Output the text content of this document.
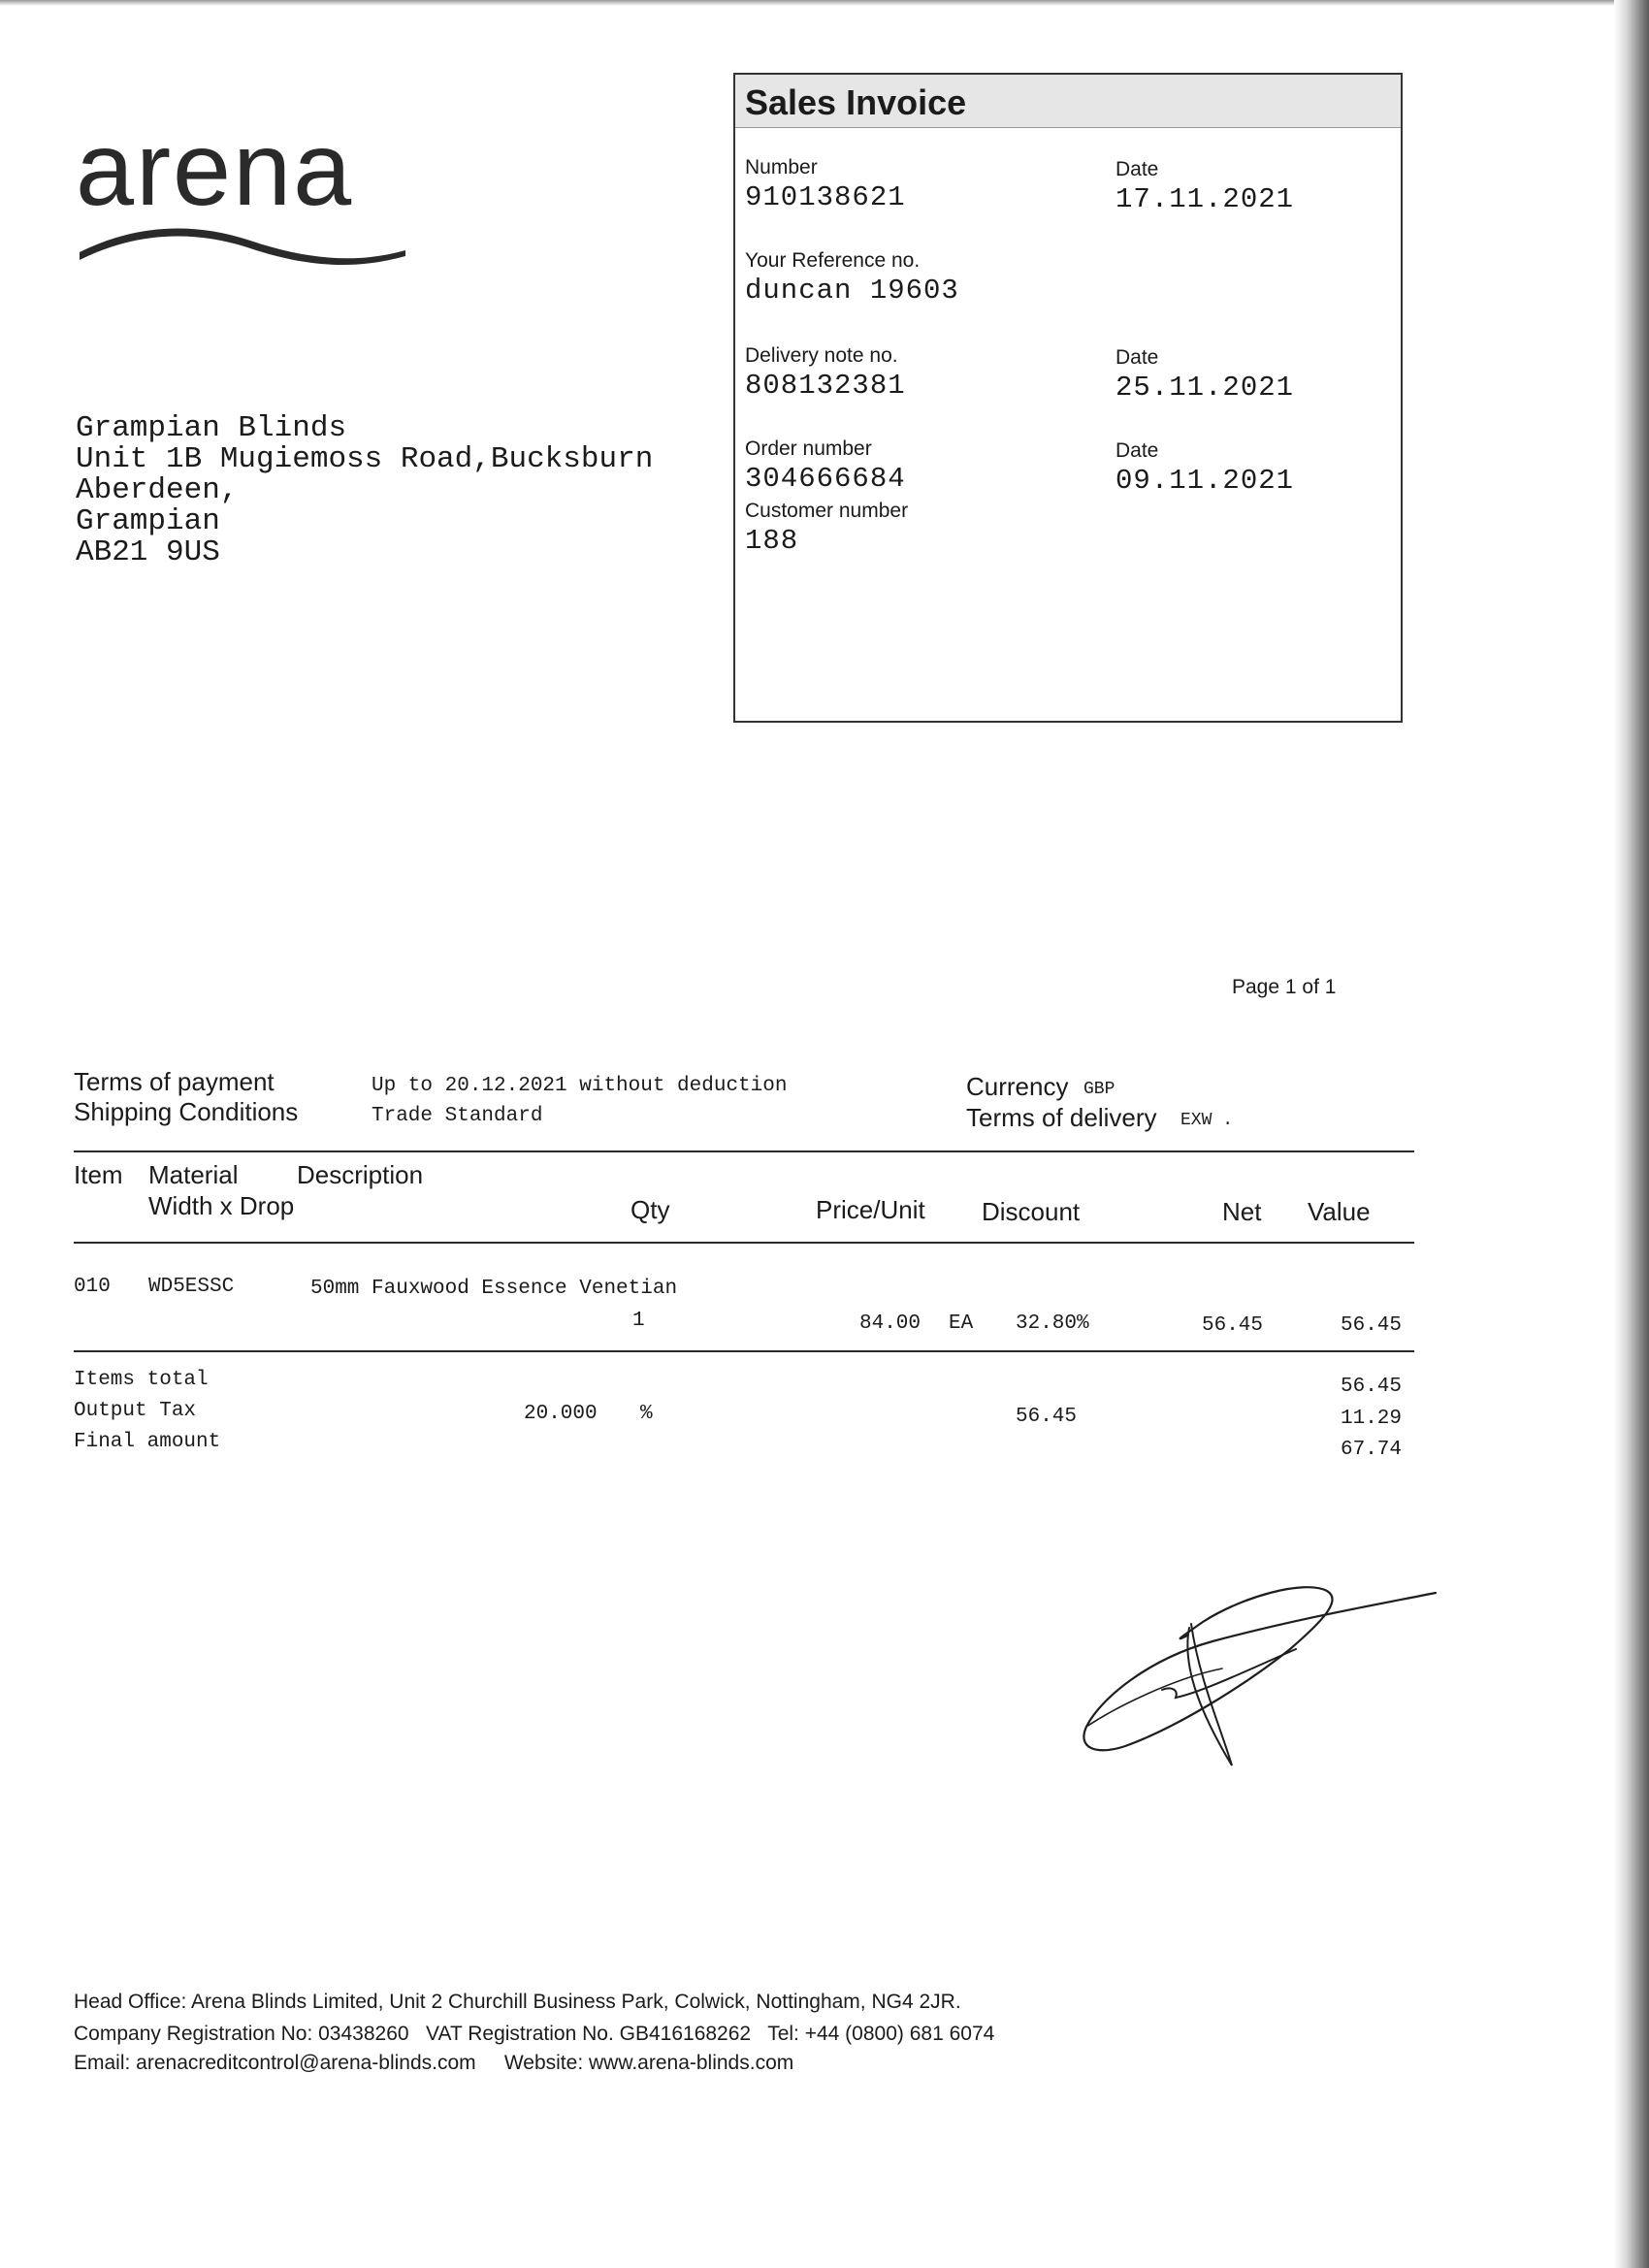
arena
Grampian Blinds
Unit 1B Mugiemoss Road,Bucksburn
Aberdeen,
Grampian
AB21 9US
Sales Invoice
Number
910138621
Date
17.11.2021
Your Reference no.
duncan 19603
Delivery note no.
808132381
Date
25.11.2021
Order number
304666684
Date
09.11.2021
Customer number
188
Page 1 of 1
Terms of payment	Up to 20.12.2021 without deduction
Shipping Conditions	Trade Standard
Currency GBP
Terms of delivery EXW .
Item Material Description
Width x Drop	Qty	Price/Unit Discount	Net Value
010 WD5ESSC	50mm Fauxwood Essence Venetian
1	84.00 EA 32.80%	56.45	56.45
Items total	56.45
Output Tax	20.000 %	56.45	11.29
Final amount	67.74
Head Office: Arena Blinds Limited, Unit 2 Churchill Business Park, Colwick, Nottingham, NG4 2JR.
Company Registration No: 03438260   VAT Registration No. GB416168262   Tel: +44 (0800) 681 6074
Email: arenacreditcontrol@arena-blinds.com     Website: www.arena-blinds.com
